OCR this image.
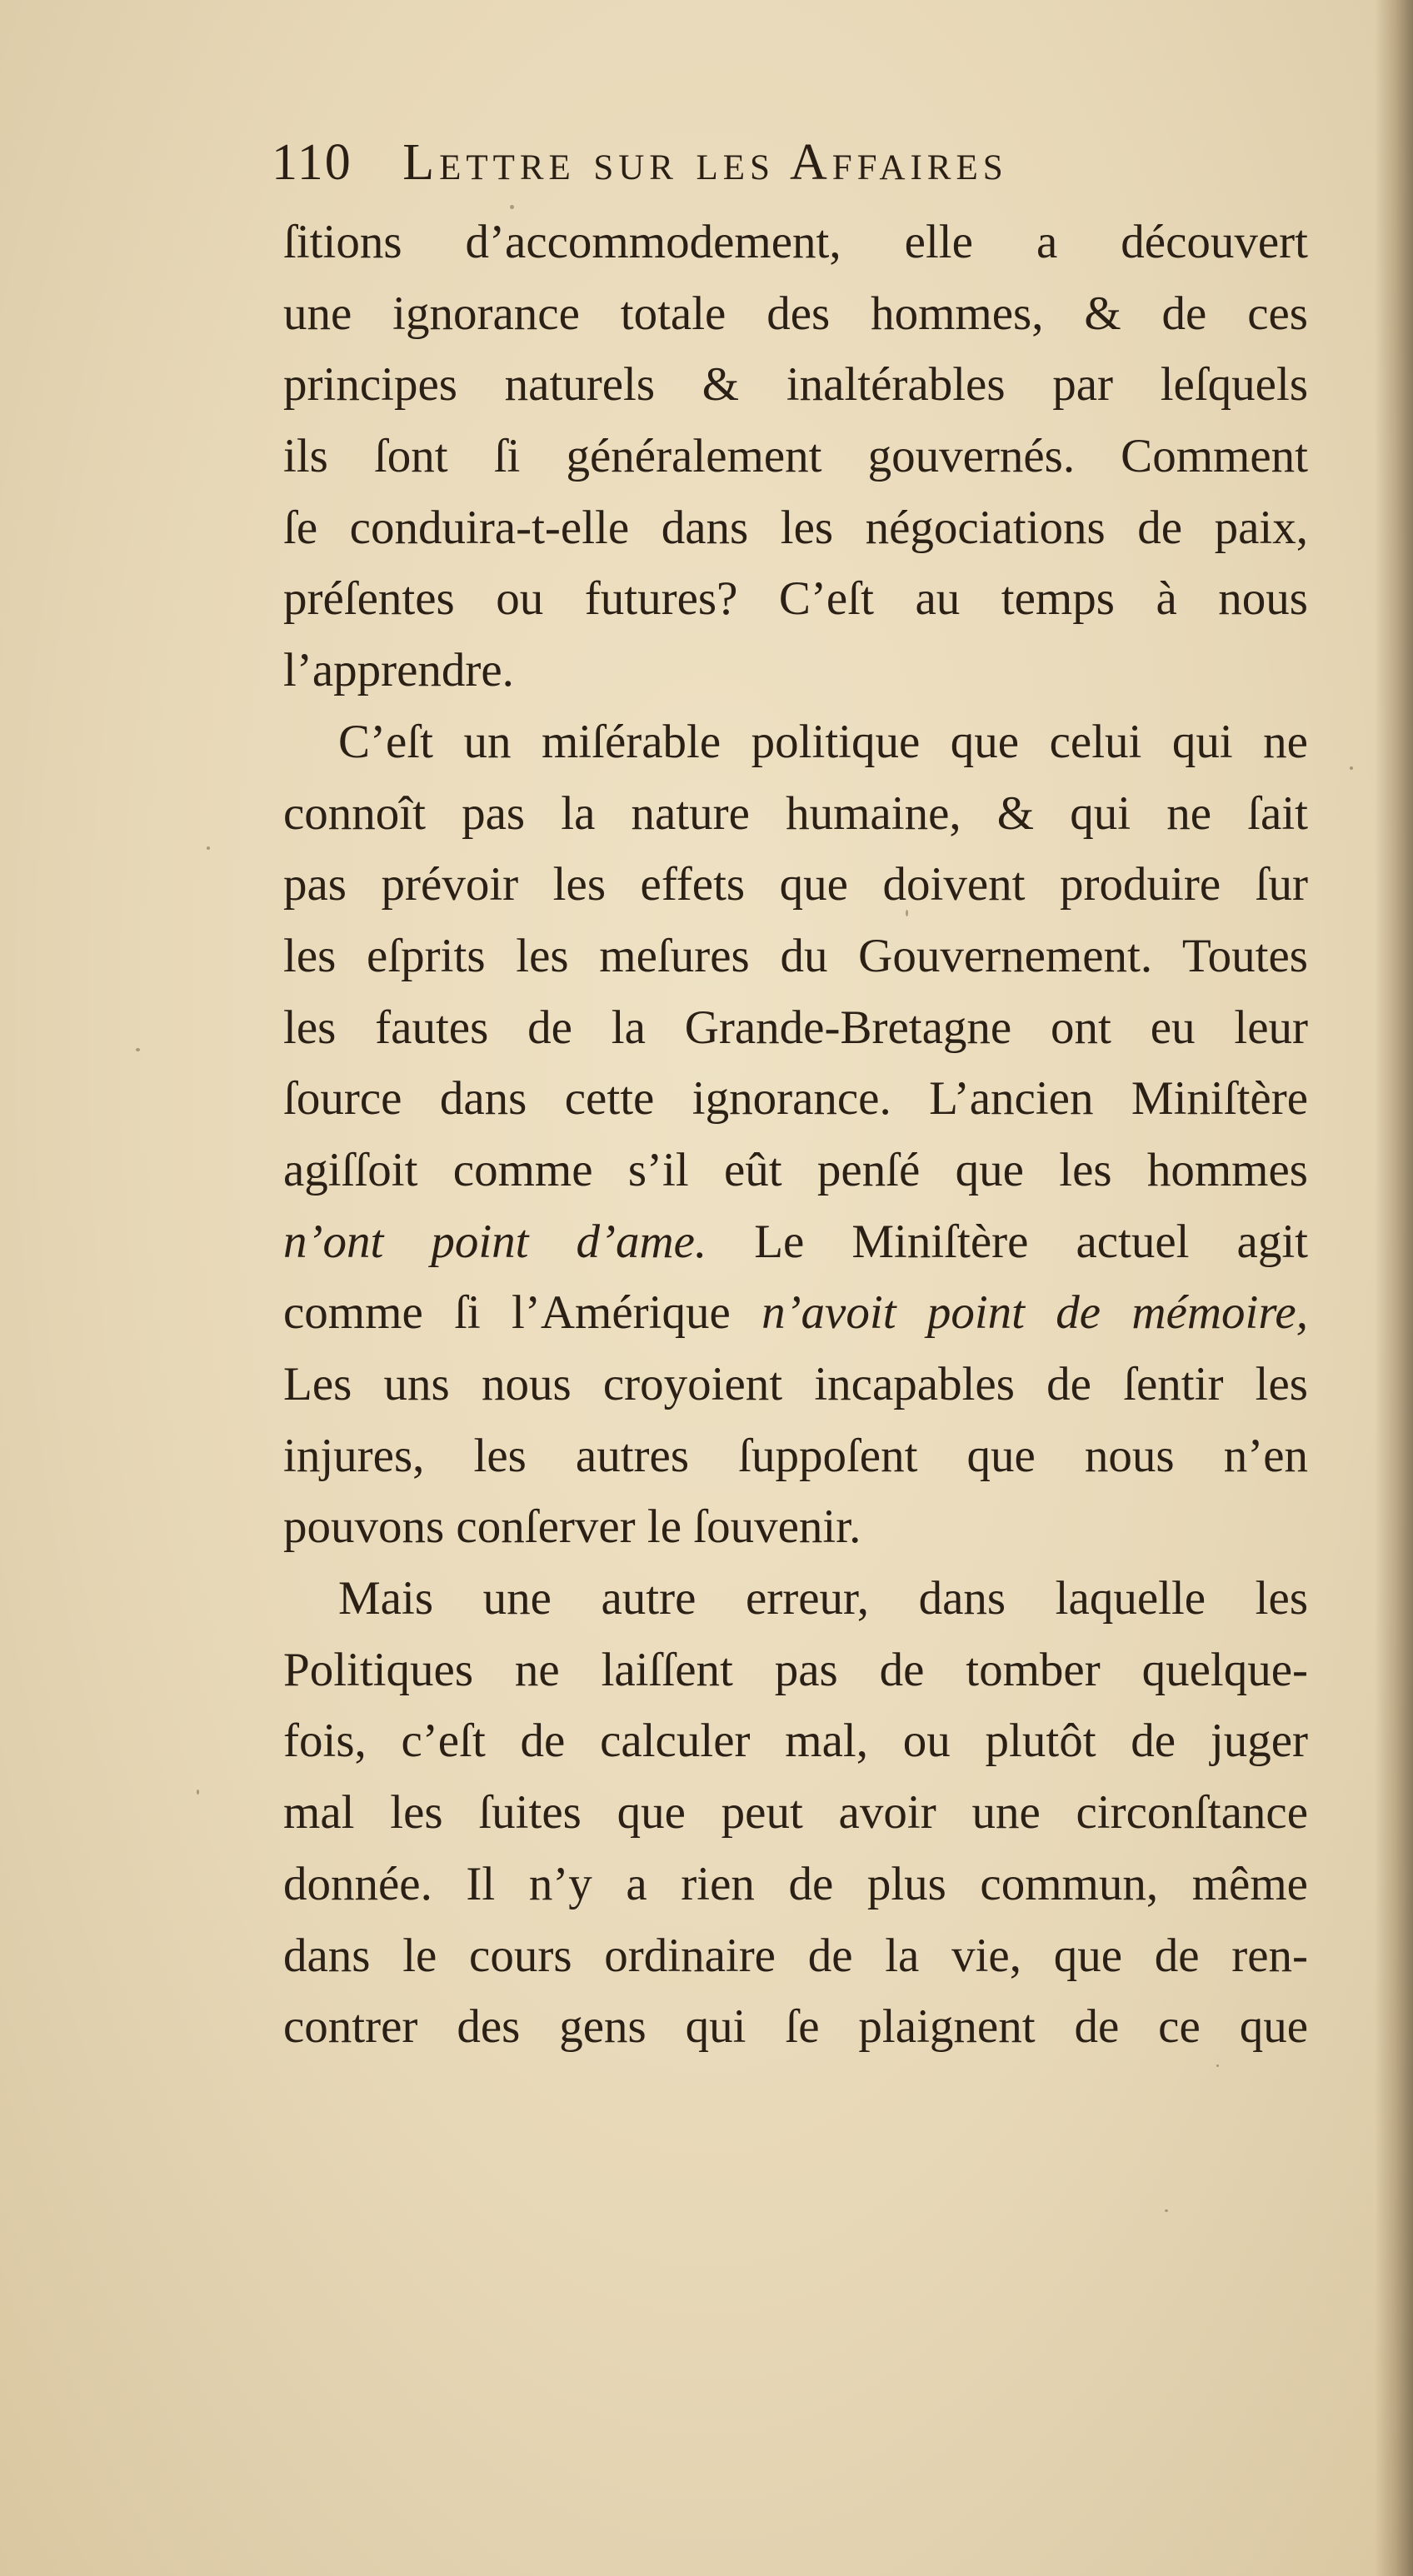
110 Lettre sur les Affaires
ſitions d’accommodement, elle a découvert
une ignorance totale des hommes, & de ces
principes naturels & inaltérables par leſquels
ils ſont ſi généralement gouvernés. Comment
ſe conduira-t-elle dans les négociations de paix,
préſentes ou futures? C’eſt au temps à nous
l’apprendre.
C’eſt un miſérable politique que celui qui ne
connoît pas la nature humaine, & qui ne ſait
pas prévoir les effets que doivent produire ſur
les eſprits les meſures du Gouvernement. Toutes
les fautes de la Grande-Bretagne ont eu leur
ſource dans cette ignorance. L’ancien Miniſtère
agiſſoit comme s’il eût penſé que les hommes
n’ont point d’ame. Le Miniſtère actuel agit
comme ſi l’Amérique n’avoit point de mémoire,
Les uns nous croyoient incapables de ſentir les
injures, les autres ſuppoſent que nous n’en
pouvons conſerver le ſouvenir.
Mais une autre erreur, dans laquelle les
Politiques ne laiſſent pas de tomber quelque-
fois, c’eſt de calculer mal, ou plutôt de juger
mal les ſuites que peut avoir une circonſtance
donnée. Il n’y a rien de plus commun, même
dans le cours ordinaire de la vie, que de ren-
contrer des gens qui ſe plaignent de ce que
